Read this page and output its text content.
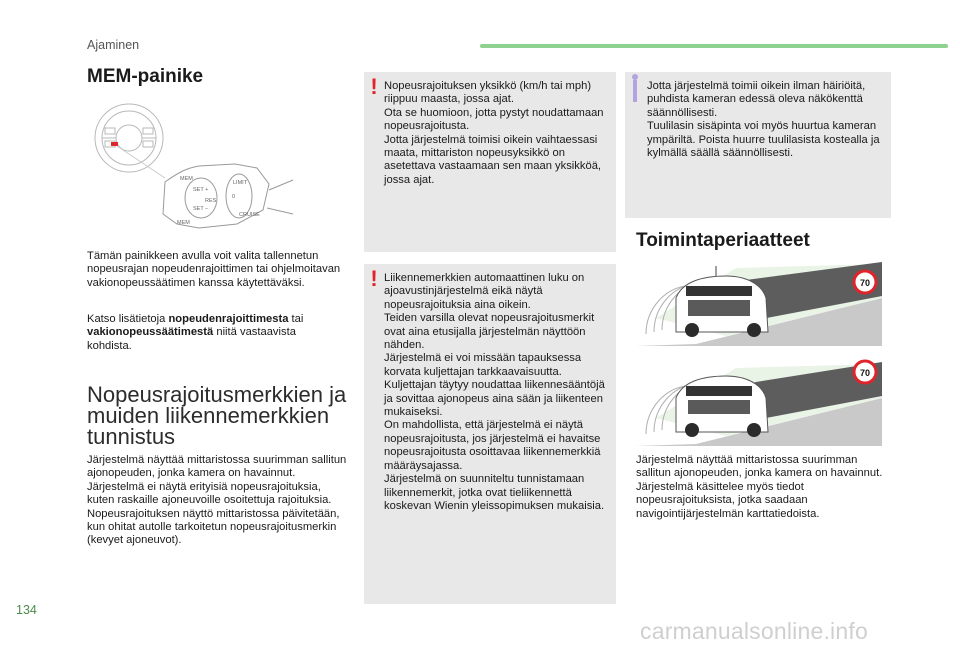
Ajaminen
MEM-painike
MEM
SET +
SET –
LIMIT
CRUISE
MEM
0
RES

Tämän painikkeen avulla voit valita tallennetun nopeusrajan nopeudenrajoittimen tai ohjelmoitavan vakionopeussäätimen kanssa käytettäväksi.

Katso lisätietoja nopeudenrajoittimesta tai vakionopeussäätimestä niitä vastaavista kohdista.

Nopeusrajoitusmerkkien ja muiden liikennemerkkien tunnistus

Järjestelmä näyttää mittaristossa suurimman sallitun ajonopeuden, jonka kamera on havainnut.
Järjestelmä ei näytä erityisiä nopeusrajoituksia, kuten raskaille ajoneuvoille osoitettuja rajoituksia.
Nopeusrajoituksen näyttö mittaristossa päivitetään, kun ohitat autolle tarkoitetun nopeusrajoitusmerkin (kevyet ajoneuvot).

! Nopeusrajoituksen yksikkö (km/h tai mph) riippuu maasta, jossa ajat.
Ota se huomioon, jotta pystyt noudattamaan nopeusrajoitusta.
Jotta järjestelmä toimisi oikein vaihtaessasi maata, mittariston nopeusyksikkö on asetettava vastaamaan sen maan yksikköä, jossa ajat.

! Liikennemerkkien automaattinen luku on ajoavustinjärjestelmä eikä näytä nopeusrajoituksia aina oikein.
Teiden varsilla olevat nopeusrajoitusmerkit ovat aina etusijalla järjestelmän näyttöön nähden.
Järjestelmä ei voi missään tapauksessa korvata kuljettajan tarkkaavaisuutta.
Kuljettajan täytyy noudattaa liikennesääntöjä ja sovittaa ajonopeus aina sään ja liikenteen mukaiseksi.
On mahdollista, että järjestelmä ei näytä nopeusrajoitusta, jos järjestelmä ei havaitse nopeusrajoitusta osoittavaa liikennemerkkiä määräysajassa.
Järjestelmä on suunniteltu tunnistamaan liikennemerkit, jotka ovat tieliikennettä koskevan Wienin yleissopimuksen mukaisia.

Jotta järjestelmä toimii oikein ilman häiriöitä, puhdista kameran edessä oleva näkökenttä säännöllisesti.
Tuulilasin sisäpinta voi myös huurtua kameran ympäriltä. Poista huurre tuulilasista kostealla ja kylmällä säällä säännöllisesti.

Toimintaperiaatteet
70
70

Järjestelmä näyttää mittaristossa suurimman sallitun ajonopeuden, jonka kamera on havainnut.
Järjestelmä käsittelee myös tiedot nopeusrajoituksista, jotka saadaan navigointijärjestelmän karttatiedoista.

134
carmanualsonline.info
